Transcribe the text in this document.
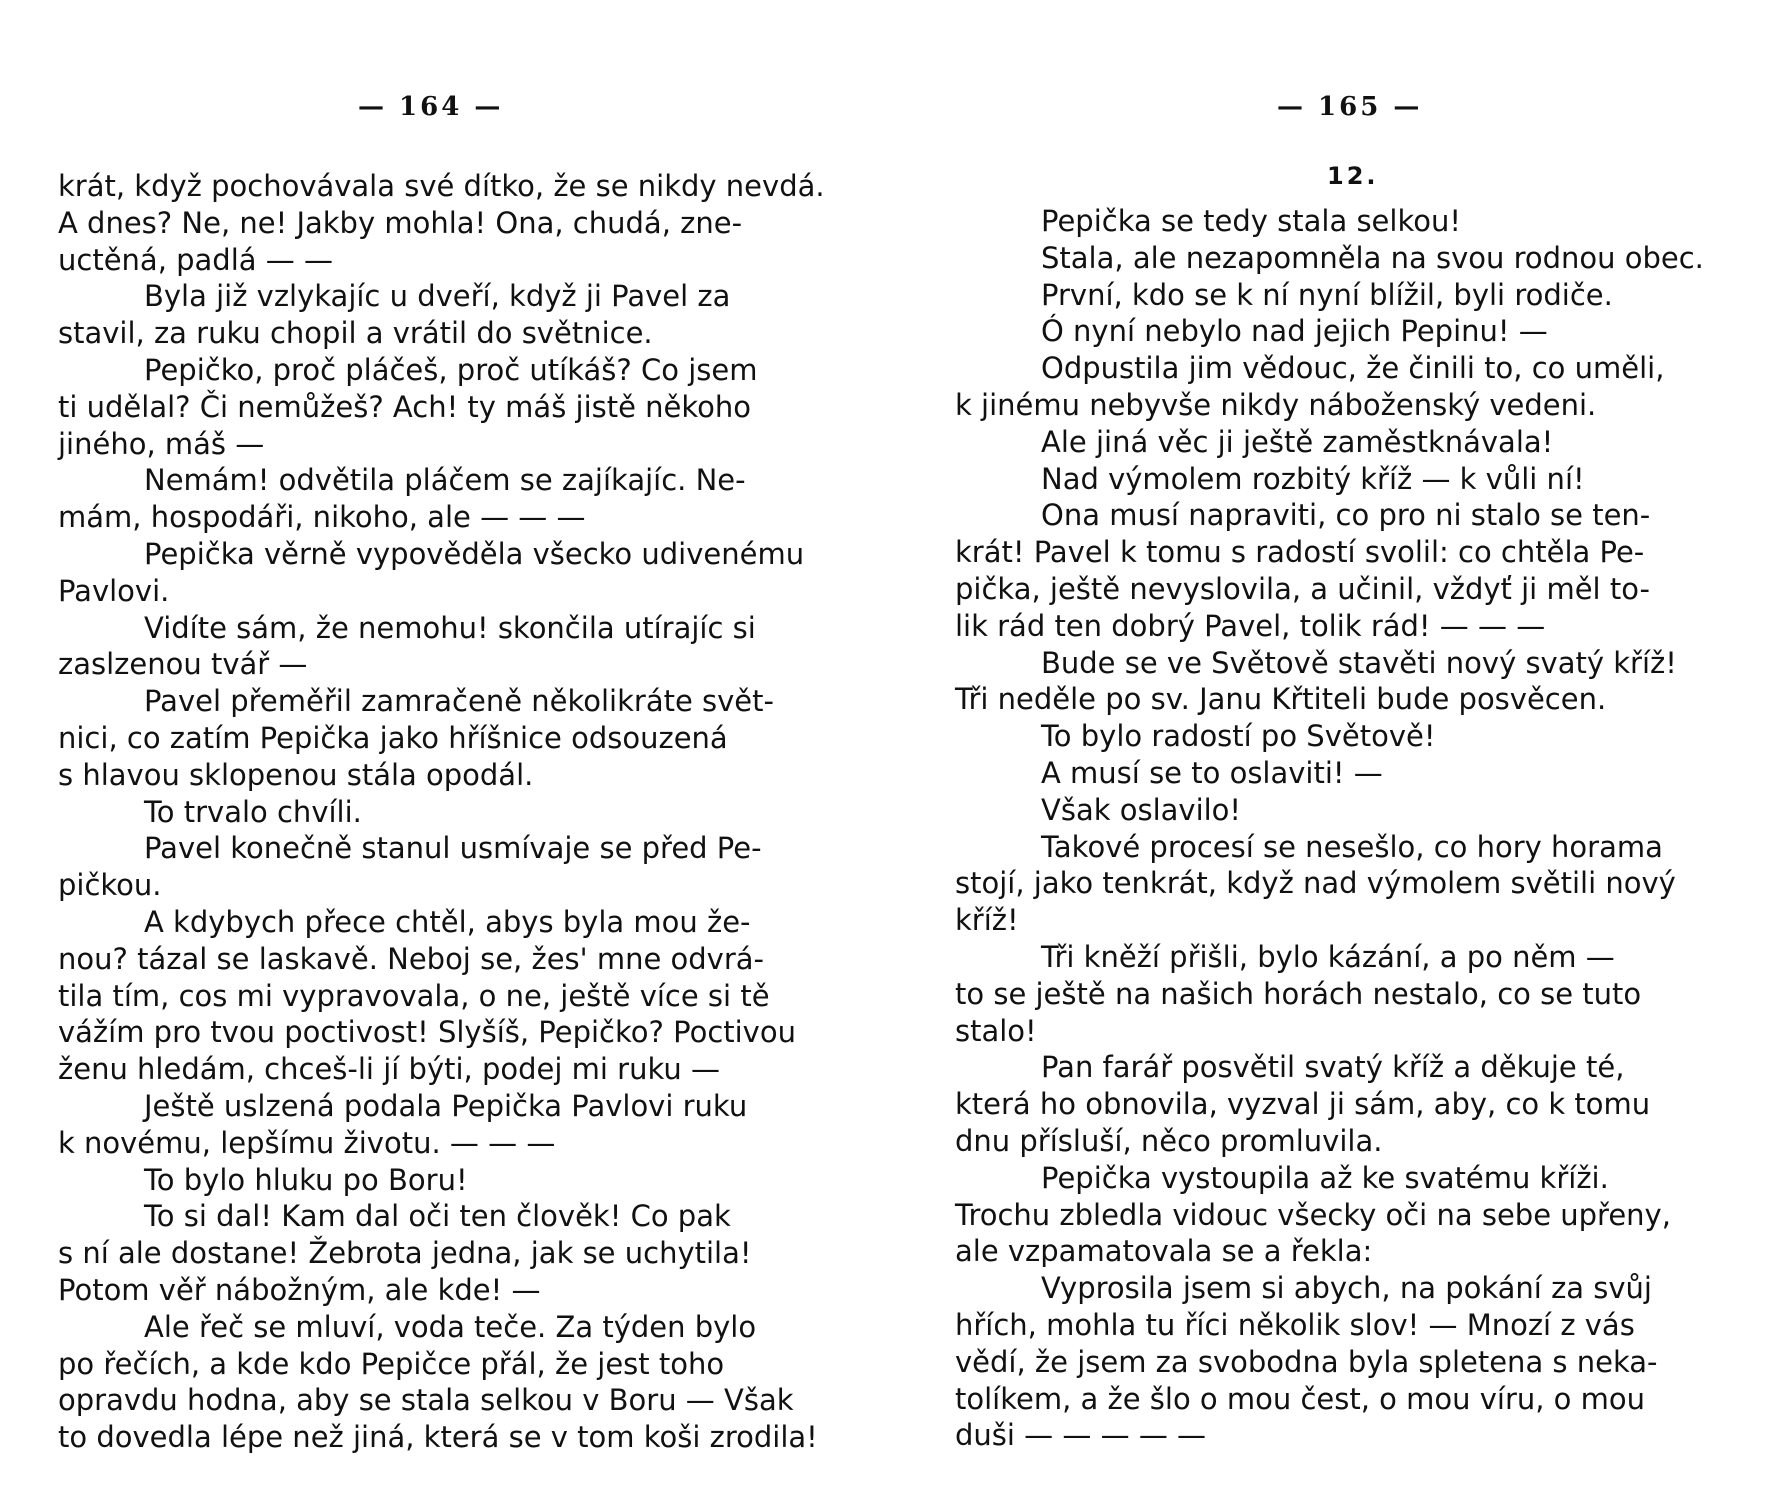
— 164 —
krát, když pochovávala své dítko, že se nikdy nevdá.
A dnes? Ne, ne! Jakby mohla! Ona, chudá, zne-
uctěná, padlá — —
Byla již vzlykajíc u dveří, když ji Pavel za
stavil, za ruku chopil a vrátil do světnice.
Pepičko, proč pláčeš, proč utíkáš? Co jsem
ti udělal? Či nemůžeš? Ach! ty máš jistě někoho
jiného, máš —
Nemám! odvětila pláčem se zajíkajíc. Ne-
mám, hospodáři, nikoho, ale — — —
Pepička věrně vypověděla všecko udivenému
Pavlovi.
Vidíte sám, že nemohu! skončila utírajíc si
zaslzenou tvář —
Pavel přeměřil zamračeně několikráte svět-
nici, co zatím Pepička jako hříšnice odsouzená
s hlavou sklopenou stála opodál.
To trvalo chvíli.
Pavel konečně stanul usmívaje se před Pe-
pičkou.
A kdybych přece chtěl, abys byla mou že-
nou? tázal se laskavě. Neboj se, žes' mne odvrá-
tila tím, cos mi vypravovala, o ne, ještě více si tě
vážím pro tvou poctivost! Slyšíš, Pepičko? Poctivou
ženu hledám, chceš-li jí býti, podej mi ruku —
Ještě uslzená podala Pepička Pavlovi ruku
k novému, lepšímu životu. — — —
To bylo hluku po Boru!
To si dal! Kam dal oči ten člověk! Co pak
s ní ale dostane! Žebrota jedna, jak se uchytila!
Potom věř nábožným, ale kde! —
Ale řeč se mluví, voda teče. Za týden bylo
po řečích, a kde kdo Pepičce přál, že jest toho
opravdu hodna, aby se stala selkou v Boru — Však
to dovedla lépe než jiná, která se v tom koši zrodila!
— 165 —
12.
Pepička se tedy stala selkou!
Stala, ale nezapomněla na svou rodnou obec.
První, kdo se k ní nyní blížil, byli rodiče.
Ó nyní nebylo nad jejich Pepinu! —
Odpustila jim vědouc, že činili to, co uměli,
k jinému nebyvše nikdy náboženský vedeni.
Ale jiná věc ji ještě zaměstknávala!
Nad výmolem rozbitý kříž — k vůli ní!
Ona musí napraviti, co pro ni stalo se ten-
krát! Pavel k tomu s radostí svolil: co chtěla Pe-
pička, ještě nevyslovila, a učinil, vždyť ji měl to-
lik rád ten dobrý Pavel, tolik rád! — — —
Bude se ve Světově stavěti nový svatý kříž!
Tři neděle po sv. Janu Křtiteli bude posvěcen.
To bylo radostí po Světově!
A musí se to oslaviti! —
Však oslavilo!
Takové procesí se nesešlo, co hory horama
stojí, jako tenkrát, když nad výmolem světili nový
kříž!
Tři kněží přišli, bylo kázání, a po něm —
to se ještě na našich horách nestalo, co se tuto
stalo!
Pan farář posvětil svatý kříž a děkuje té,
která ho obnovila, vyzval ji sám, aby, co k tomu
dnu přísluší, něco promluvila.
Pepička vystoupila až ke svatému kříži.
Trochu zbledla vidouc všecky oči na sebe upřeny,
ale vzpamatovala se a řekla:
Vyprosila jsem si abych, na pokání za svůj
hřích, mohla tu říci několik slov! — Mnozí z vás
vědí, že jsem za svobodna byla spletena s neka-
tolíkem, a že šlo o mou čest, o mou víru, o mou
duši — — — — —
